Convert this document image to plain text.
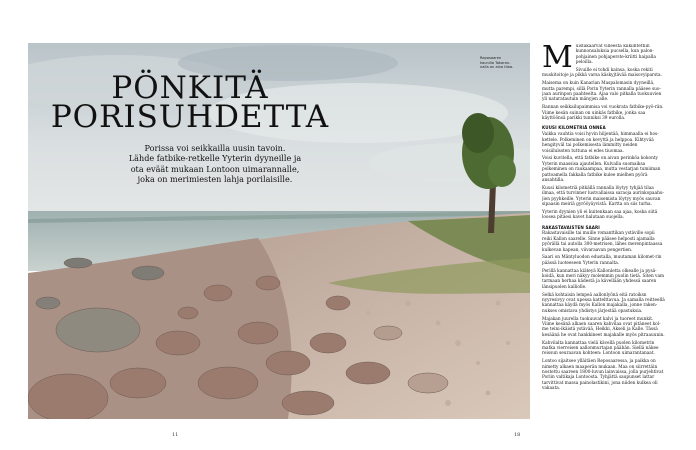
Reposaaren
kaunilla Takaran-
nalla on aina tilaa.
PÖNKITÄ
PORISUHDETTA
Porissa voi seikkailla uusin tavoin.
Lähde fatbike-retkelle Yyterin dyyneille ja
ota eväät mukaan Lontoon uimarannalle,
joka on merimiesten lahja porilaisille.

Muistakaarvat villeestä kiikiihtettiin kunnonsaluksia pucsella, kun palon-pohjainen pohjaperste-kriitti haipalla peloilla.

Sivuille ei tohdi kainsa, koska rekiti muskitoitoje ja pikkä varsa käskyjtävää maisovyiparsta.

Maisema on kuin Kanarian Maspalomasin dyyneillä, mutta parempi, sillä Porin Yyterin rannalla pääsee suo-jaan aurinpon paahteelta. Ajaa valo pitkalla tuokuuvien yli naturatautuin mänyjen alle.

Rannan seikkailupaimmisa voi vuokrata fatbike-pyö-rän. Viime kesän suinan on uinkäs fatbike, jonka saa käyttöönsä parikki tunniksi 39 eurolla.

KUUSI KILOMETRIÄ ONNEA

Vaikka vauhtia voisi hyvin hiljentää, himmaalla ei hos-kettele. Polkeminen on kevyttä ja helppoa. Kihtyvää hengityväl tai polkemisesta lämmitty neiden voisiilulssten tuttuna ei edes tiuomaa.

Voisi kuvitella, että fatbike on aivan perinköa kokonty Yyterin maassisa ajautellen. Kulvalla suomaiksa polkeminen on raukaampaa, mutta vestarjan tumiiman pattoamella fakkalla fatbike kulee mielhen pyörä ansahtilla.

Kuusi kilometriä pitkällä rannalla löytyy tyhjää tilaa ilmaa, että turvinner lustvallaissa saraoja aurinkopaahu-jien pyyhkeille. Yyterin maisemista löytyy myös sauvan sipaasin meiriä gyrööyäyvistä. Kartta on siis turha.

Yyterin dyynien yli ei kuitenkaan saa ajaa, koska siitä loosea pitäesi kavet halutaan suojella.

RAKASTAVAISTEN SAARI

Rakastavaisille tai muille romanttikan ystäville sopii reiki Kallon saarelle. Sinne pääsee helposti ajamalla pyörällä tai autolla 300-metrisen, lähes merenpintaassa kulkevan kapean, viivaraavan pengertien.

Saari on Mäntyluodon edustalla, muutaman kilomet-rin päässä luoteeseen Yyterin rannalta.

Perillä kannattaa kiäteyä Kallonletta olkealle ja pysä-koidä, kun meri näkyy molemmin puolin tietä. Siten vam tarmaan herhaa kädestä ja kävellään yhdessä saaren länsipuolen kalliolle.

Selkä kohtaisin lempeä aallonlyönä eitä ratoiksn nyyresivyy ovat upessa kattelttavua. Ja samalla reitteellä kannattaa käydä myös Kallon majakalla, jonne raken-nukses omistava yhdistys järjestää opastuksia.

Majakan juurella tuokuuvat kalvi ja tuoreet munkit. Viime kesänä alkaen saaren kahvilaa ovat pitäneet kol-me teini-ikäistä ystävää, Heikki, Akseli ja Kalle. Tässä kesäänä he ovat hankkineet majakalle myös pitraauunin.

Kahvilalta kannattaa vielä kävellä puolen kilometrin matka vierreisen aallonmurtajan päähän. Siellä näkee reissun seuraavan kohteen: Lontoon uimarantanaat.

Lontoo sijaitsee ylläitäen Reposaaressa, ja paikka on nimetty alkaen maaperän mukaan. Maa on siirrettäin nostettu saareen 1800-luvun lainvaissa, jolla purjehtivat Poriin valtikaja Lontoosta. Tyhjättä saupunset lattar tarvittivat massa painolastikini, jona niiden kulkea oli vakaata.

11	18
